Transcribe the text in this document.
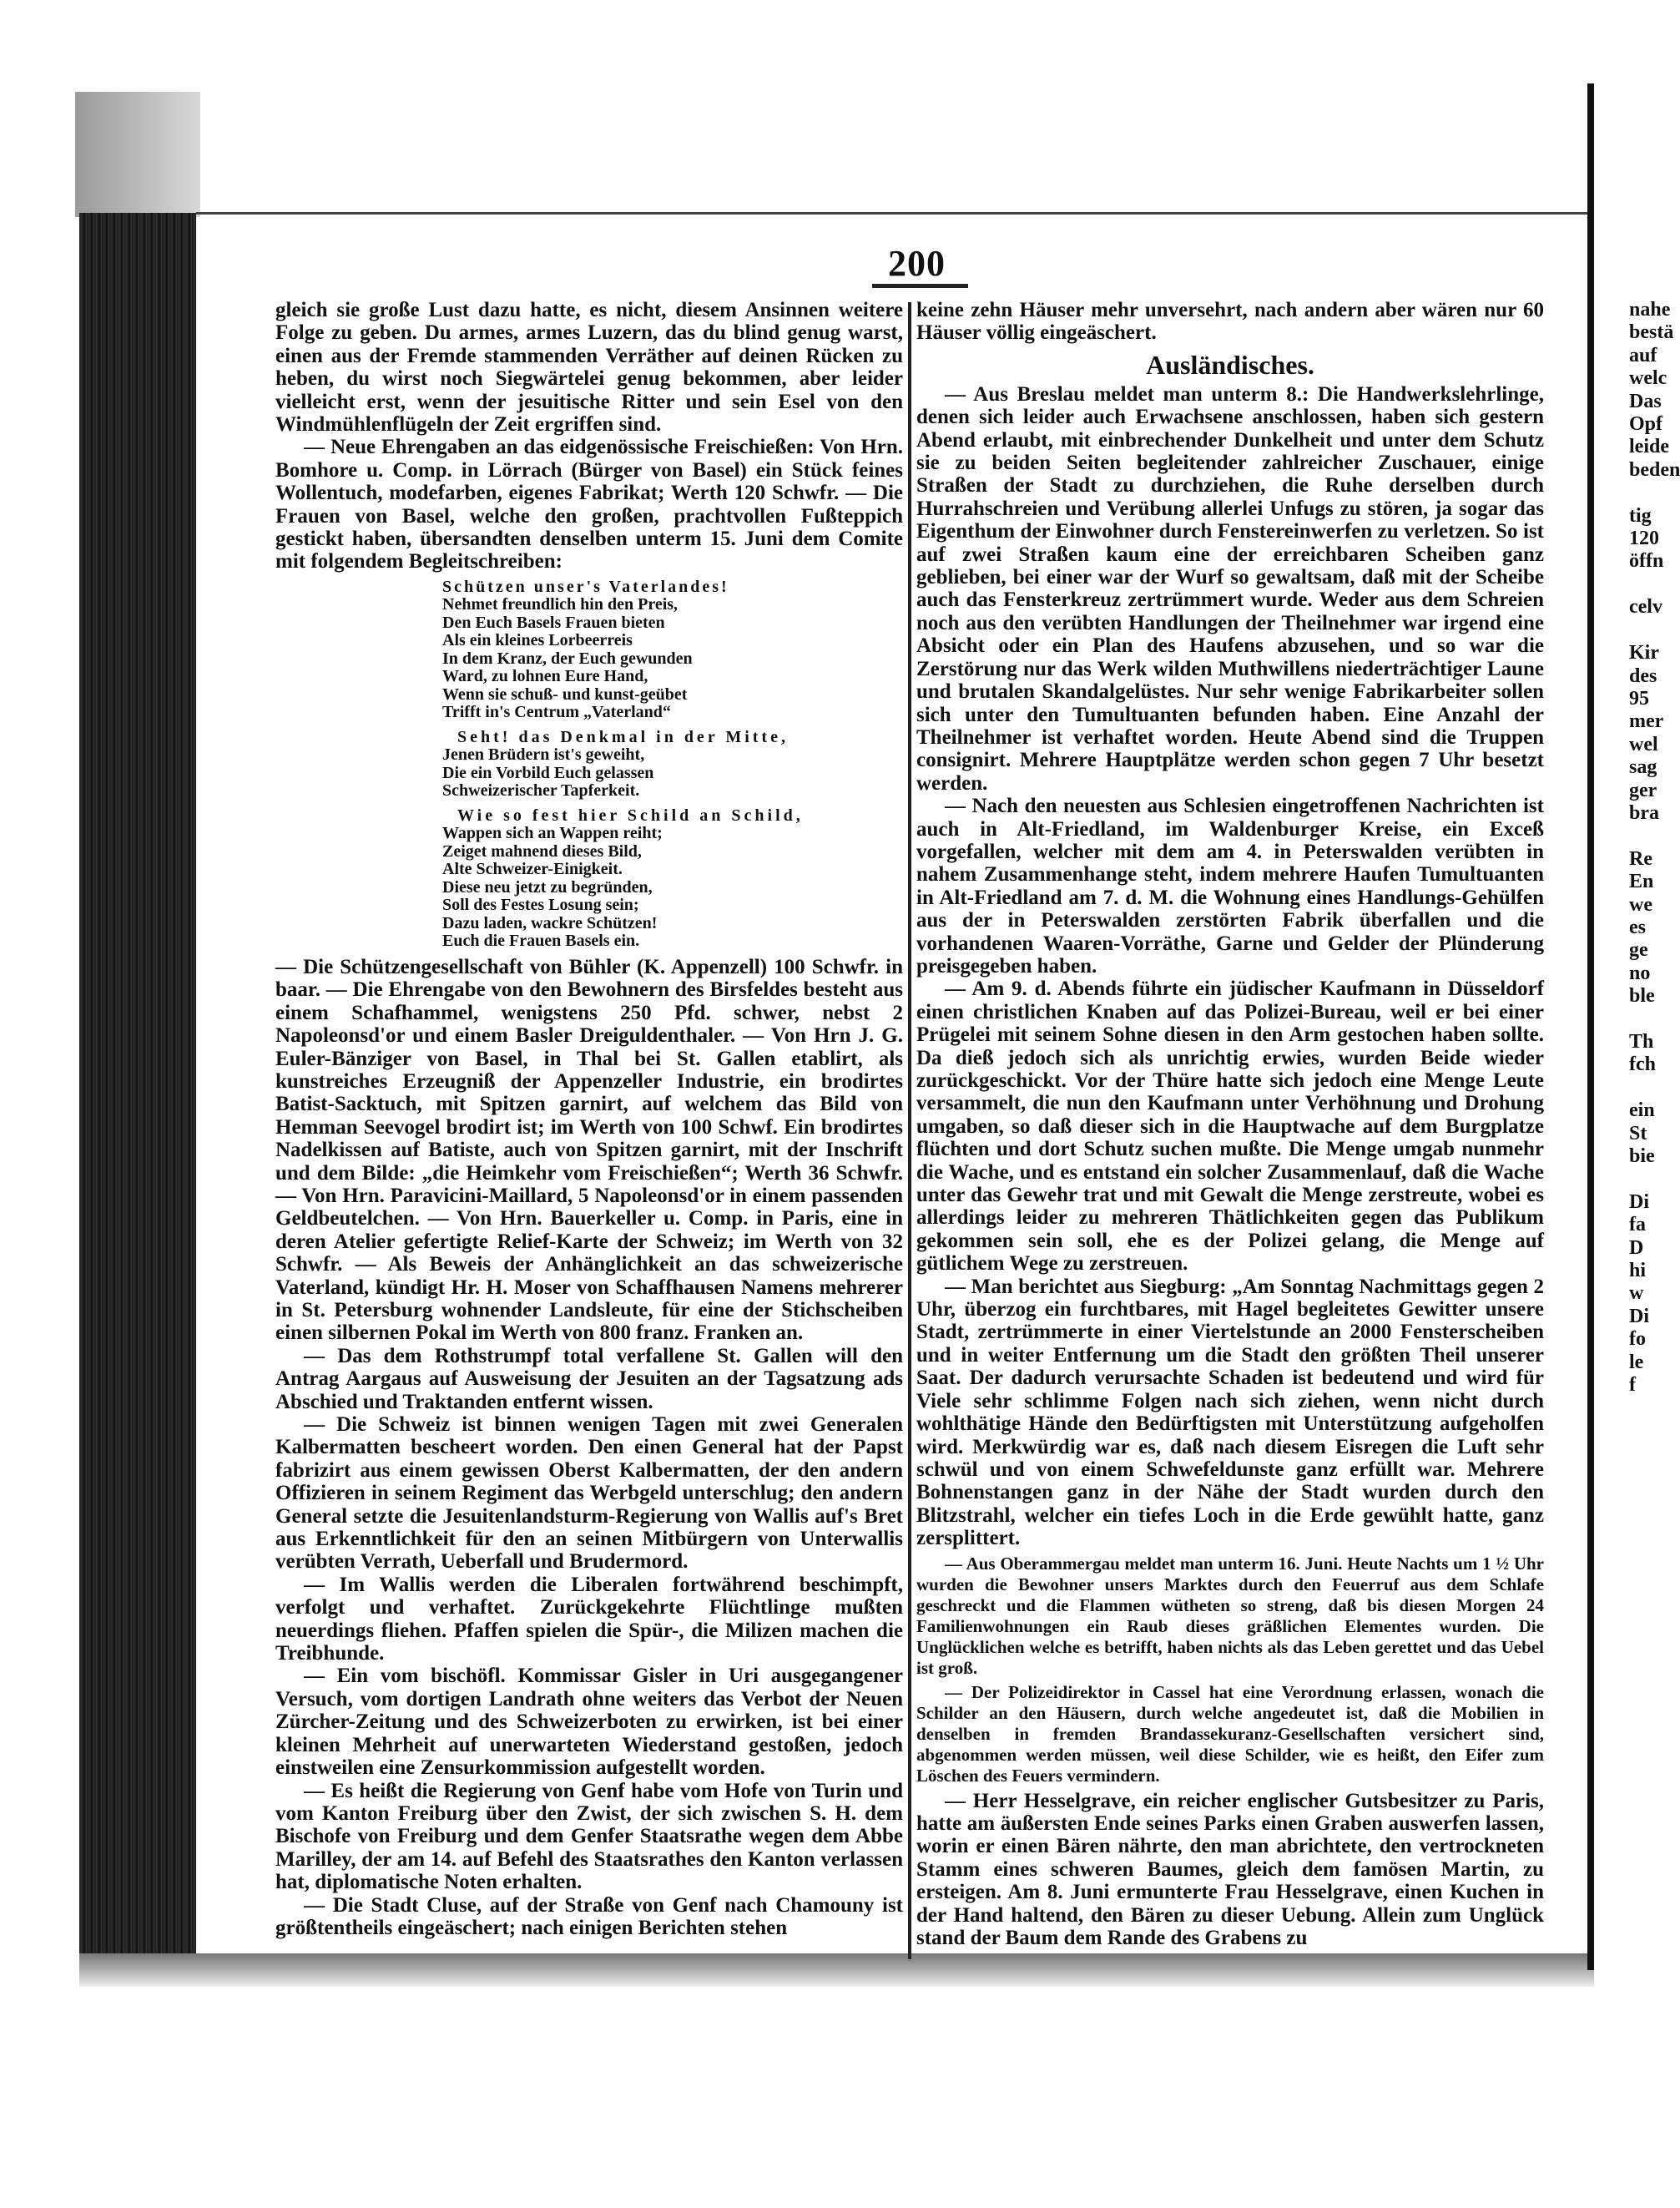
200

gleich sie große Lust dazu hatte, es nicht, diesem Ansinnen weitere Folge zu geben. Du armes, armes Luzern, das du blind genug warst, einen aus der Fremde stammenden Verräther auf deinen Rücken zu heben, du wirst noch Siegwärtelei genug bekommen, aber leider vielleicht erst, wenn der jesuitische Ritter und sein Esel von den Windmühlenflügeln der Zeit ergriffen sind.

— Neue Ehrengaben an das eidgenössische Freischießen: Von Hrn. Bomhore u. Comp. in Lörrach (Bürger von Basel) ein Stück feines Wollentuch, modefarben, eigenes Fabrikat; Werth 120 Schwfr. — Die Frauen von Basel, welche den großen, prachtvollen Fußteppich gestickt haben, übersandten denselben unterm 15. Juni dem Comite mit folgendem Begleitschreiben:

Schützen unser's Vaterlandes!
Nehmet freundlich hin den Preis,
Den Euch Basels Frauen bieten
Als ein kleines Lorbeerreis
In dem Kranz, der Euch gewunden
Ward, zu lohnen Eure Hand,
Wenn sie schuß- und kunst-geübet
Trifft in's Centrum „Vaterland“
Seht! das Denkmal in der Mitte,
Jenen Brüdern ist's geweiht,
Die ein Vorbild Euch gelassen
Schweizerischer Tapferkeit.
Wie so fest hier Schild an Schild,
Wappen sich an Wappen reiht;
Zeiget mahnend dieses Bild,
Alte Schweizer-Einigkeit.
Diese neu jetzt zu begründen,
Soll des Festes Losung sein;
Dazu laden, wackre Schützen!
Euch die Frauen Basels ein.

— Die Schützengesellschaft von Bühler (K. Appenzell) 100 Schwfr. in baar. — Die Ehrengabe von den Bewohnern des Birsfeldes besteht aus einem Schafhammel, wenigstens 250 Pfd. schwer, nebst 2 Napoleonsd'or und einem Basler Dreiguldenthaler. — Von Hrn J. G. Euler-Bänziger von Basel, in Thal bei St. Gallen etablirt, als kunstreiches Erzeugniß der Appenzeller Industrie, ein brodirtes Batist-Sacktuch, mit Spitzen garnirt, auf welchem das Bild von Hemman Seevogel brodirt ist; im Werth von 100 Schwf. Ein brodirtes Nadelkissen auf Batiste, auch von Spitzen garnirt, mit der Inschrift und dem Bilde: „die Heimkehr vom Freischießen“; Werth 36 Schwfr. — Von Hrn. Paravicini-Maillard, 5 Napoleonsd'or in einem passenden Geldbeutelchen. — Von Hrn. Bauerkeller u. Comp. in Paris, eine in deren Atelier gefertigte Relief-Karte der Schweiz; im Werth von 32 Schwfr. — Als Beweis der Anhänglichkeit an das schweizerische Vaterland, kündigt Hr. H. Moser von Schaffhausen Namens mehrerer in St. Petersburg wohnender Landsleute, für eine der Stichscheiben einen silbernen Pokal im Werth von 800 franz. Franken an.

— Das dem Rothstrumpf total verfallene St. Gallen will den Antrag Aargaus auf Ausweisung der Jesuiten an der Tagsatzung ads Abschied und Traktanden entfernt wissen.

— Die Schweiz ist binnen wenigen Tagen mit zwei Generalen Kalbermatten bescheert worden. Den einen General hat der Papst fabrizirt aus einem gewissen Oberst Kalbermatten, der den andern Offizieren in seinem Regiment das Werbgeld unterschlug; den andern General setzte die Jesuitenlandsturm-Regierung von Wallis auf's Bret aus Erkenntlichkeit für den an seinen Mitbürgern von Unterwallis verübten Verrath, Ueberfall und Brudermord.

— Im Wallis werden die Liberalen fortwährend beschimpft, verfolgt und verhaftet. Zurückgekehrte Flüchtlinge mußten neuerdings fliehen. Pfaffen spielen die Spür-, die Milizen machen die Treibhunde.

— Ein vom bischöfl. Kommissar Gisler in Uri ausgegangener Versuch, vom dortigen Landrath ohne weiters das Verbot der Neuen Zürcher-Zeitung und des Schweizerboten zu erwirken, ist bei einer kleinen Mehrheit auf unerwarteten Wiederstand gestoßen, jedoch einstweilen eine Zensurkommission aufgestellt worden.

— Es heißt die Regierung von Genf habe vom Hofe von Turin und vom Kanton Freiburg über den Zwist, der sich zwischen S. H. dem Bischofe von Freiburg und dem Genfer Staatsrathe wegen dem Abbe Marilley, der am 14. auf Befehl des Staatsrathes den Kanton verlassen hat, diplomatische Noten erhalten.

— Die Stadt Cluse, auf der Straße von Genf nach Chamouny ist größtentheils eingeäschert; nach einigen Berichten stehen

keine zehn Häuser mehr unversehrt, nach andern aber wären nur 60 Häuser völlig eingeäschert.

Ausländisches.

— Aus Breslau meldet man unterm 8.: Die Handwerkslehrlinge, denen sich leider auch Erwachsene anschlossen, haben sich gestern Abend erlaubt, mit einbrechender Dunkelheit und unter dem Schutz sie zu beiden Seiten begleitender zahlreicher Zuschauer, einige Straßen der Stadt zu durchziehen, die Ruhe derselben durch Hurrahschreien und Verübung allerlei Unfugs zu stören, ja sogar das Eigenthum der Einwohner durch Fenstereinwerfen zu verletzen. So ist auf zwei Straßen kaum eine der erreichbaren Scheiben ganz geblieben, bei einer war der Wurf so gewaltsam, daß mit der Scheibe auch das Fensterkreuz zertrümmert wurde. Weder aus dem Schreien noch aus den verübten Handlungen der Theilnehmer war irgend eine Absicht oder ein Plan des Haufens abzusehen, und so war die Zerstörung nur das Werk wilden Muthwillens niederträchtiger Laune und brutalen Skandalgelüstes. Nur sehr wenige Fabrikarbeiter sollen sich unter den Tumultuanten befunden haben. Eine Anzahl der Theilnehmer ist verhaftet worden. Heute Abend sind die Truppen consignirt. Mehrere Hauptplätze werden schon gegen 7 Uhr besetzt werden.

— Nach den neuesten aus Schlesien eingetroffenen Nachrichten ist auch in Alt-Friedland, im Waldenburger Kreise, ein Exceß vorgefallen, welcher mit dem am 4. in Peterswalden verübten in nahem Zusammenhange steht, indem mehrere Haufen Tumultuanten in Alt-Friedland am 7. d. M. die Wohnung eines Handlungs-Gehülfen aus der in Peterswalden zerstörten Fabrik überfallen und die vorhandenen Waaren-Vorräthe, Garne und Gelder der Plünderung preisgegeben haben.

— Am 9. d. Abends führte ein jüdischer Kaufmann in Düsseldorf einen christlichen Knaben auf das Polizei-Bureau, weil er bei einer Prügelei mit seinem Sohne diesen in den Arm gestochen haben sollte. Da dieß jedoch sich als unrichtig erwies, wurden Beide wieder zurückgeschickt. Vor der Thüre hatte sich jedoch eine Menge Leute versammelt, die nun den Kaufmann unter Verhöhnung und Drohung umgaben, so daß dieser sich in die Hauptwache auf dem Burgplatze flüchten und dort Schutz suchen mußte. Die Menge umgab nunmehr die Wache, und es entstand ein solcher Zusammenlauf, daß die Wache unter das Gewehr trat und mit Gewalt die Menge zerstreute, wobei es allerdings leider zu mehreren Thätlichkeiten gegen das Publikum gekommen sein soll, ehe es der Polizei gelang, die Menge auf gütlichem Wege zu zerstreuen.

— Man berichtet aus Siegburg: „Am Sonntag Nachmittags gegen 2 Uhr, überzog ein furchtbares, mit Hagel begleitetes Gewitter unsere Stadt, zertrümmerte in einer Viertelstunde an 2000 Fensterscheiben und in weiter Entfernung um die Stadt den größten Theil unserer Saat. Der dadurch verursachte Schaden ist bedeutend und wird für Viele sehr schlimme Folgen nach sich ziehen, wenn nicht durch wohlthätige Hände den Bedürftigsten mit Unterstützung aufgeholfen wird. Merkwürdig war es, daß nach diesem Eisregen die Luft sehr schwül und von einem Schwefeldunste ganz erfüllt war. Mehrere Bohnenstangen ganz in der Nähe der Stadt wurden durch den Blitzstrahl, welcher ein tiefes Loch in die Erde gewühlt hatte, ganz zersplittert.

— Aus Oberammergau meldet man unterm 16. Juni. Heute Nachts um 1 ½ Uhr wurden die Bewohner unsers Marktes durch den Feuerruf aus dem Schlafe geschreckt und die Flammen wütheten so streng, daß bis diesen Morgen 24 Familienwohnungen ein Raub dieses gräßlichen Elementes wurden. Die Unglücklichen welche es betrifft, haben nichts als das Leben gerettet und das Uebel ist groß.

— Der Polizeidirektor in Cassel hat eine Verordnung erlassen, wonach die Schilder an den Häusern, durch welche angedeutet ist, daß die Mobilien in denselben in fremden Brandassekuranz-Gesellschaften versichert sind, abgenommen werden müssen, weil diese Schilder, wie es heißt, den Eifer zum Löschen des Feuers vermindern.

— Herr Hesselgrave, ein reicher englischer Gutsbesitzer zu Paris, hatte am äußersten Ende seines Parks einen Graben auswerfen lassen, worin er einen Bären nährte, den man abrichtete, den vertrockneten Stamm eines schweren Baumes, gleich dem famösen Martin, zu ersteigen. Am 8. Juni ermunterte Frau Hesselgrave, einen Kuchen in der Hand haltend, den Bären zu dieser Uebung. Allein zum Unglück stand der Baum dem Rande des Grabens zu

nahe
bestä
auf
welc
Das
Opf
leide
beden

tig
120
öffn

celv

Kir
des
95
mer
wel
sag
ger
bra

Re
En
we
es
ge
no
ble

Th
fch

ein
St
bie

Di
fa
D
hi
w
Di
fo
le
f
